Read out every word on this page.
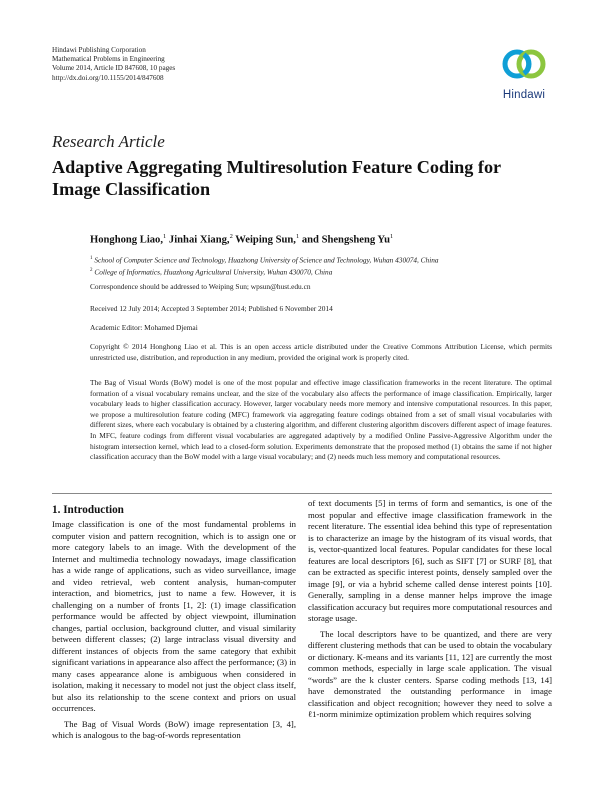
Hindawi Publishing Corporation
Mathematical Problems in Engineering
Volume 2014, Article ID 847608, 10 pages
http://dx.doi.org/10.1155/2014/847608
Hindawi
Research Article
Adaptive Aggregating Multiresolution Feature Coding for Image Classification
Honghong Liao,$^1$ Jinhai Xiang,$^2$ Weiping Sun,$^1$ and Shengsheng Yu$^1$
$^1$ School of Computer Science and Technology, Huazhong University of Science and Technology, Wuhan 430074, China
$^2$ College of Informatics, Huazhong Agricultural University, Wuhan 430070, China
Correspondence should be addressed to Weiping Sun; wpsun@hust.edu.cn
Received 12 July 2014; Accepted 3 September 2014; Published 6 November 2014
Academic Editor: Mohamed Djemai
Copyright © 2014 Honghong Liao et al. This is an open access article distributed under the Creative Commons Attribution License, which permits unrestricted use, distribution, and reproduction in any medium, provided the original work is properly cited.
The Bag of Visual Words (BoW) model is one of the most popular and effective image classification frameworks in the recent literature. The optimal formation of a visual vocabulary remains unclear, and the size of the vocabulary also affects the performance of image classification. Empirically, larger vocabulary leads to higher classification accuracy. However, larger vocabulary needs more memory and intensive computational resources. In this paper, we propose a multiresolution feature coding (MFC) framework via aggregating feature codings obtained from a set of small visual vocabularies with different sizes, where each vocabulary is obtained by a clustering algorithm, and different clustering algorithm discovers different aspect of image features. In MFC, feature codings from different visual vocabularies are aggregated adaptively by a modified Online Passive-Aggressive Algorithm under the histogram intersection kernel, which lead to a closed-form solution. Experiments demonstrate that the proposed method (1) obtains the same if not higher classification accuracy than the BoW model with a large visual vocabulary; and (2) needs much less memory and computational resources.
1. Introduction

Image classification is one of the most fundamental problems in computer vision and pattern recognition, which is to assign one or more category labels to an image. With the development of the Internet and multimedia technology nowadays, image classification has a wide range of applications, such as video surveillance, image and video retrieval, web content analysis, human-computer interaction, and biometrics, just to name a few. However, it is challenging on a number of fronts [1, 2]: (1) image classification performance would be affected by object viewpoint, illumination changes, partial occlusion, background clutter, and visual similarity between different classes; (2) large intraclass visual diversity and different instances of objects from the same category that exhibit significant variations in appearance also affect the performance; (3) in many cases appearance alone is ambiguous when considered in isolation, making it necessary to model not just the object class itself, but also its relationship to the scene context and priors on usual occurrences.

The Bag of Visual Words (BoW) image representation [3, 4], which is analogous to the bag-of-words representation

of text documents [5] in terms of form and semantics, is one of the most popular and effective image classification framework in the recent literature. The essential idea behind this type of representation is to characterize an image by the histogram of its visual words, that is, vector-quantized local features. Popular candidates for these local features are local descriptors [6], such as SIFT [7] or SURF [8], that can be extracted as specific interest points, densely sampled over the image [9], or via a hybrid scheme called dense interest points [10]. Generally, sampling in a dense manner helps improve the image classification accuracy but requires more computational resources and storage usage.

The local descriptors have to be quantized, and there are very different clustering methods that can be used to obtain the vocabulary or dictionary. K-means and its variants [11, 12] are currently the most common methods, especially in large scale application. The visual “words” are the k cluster centers. Sparse coding methods [13, 14] have demonstrated the outstanding performance in image classification and object recognition; however they need to solve a ℓ1-norm minimize optimization problem which requires solving
